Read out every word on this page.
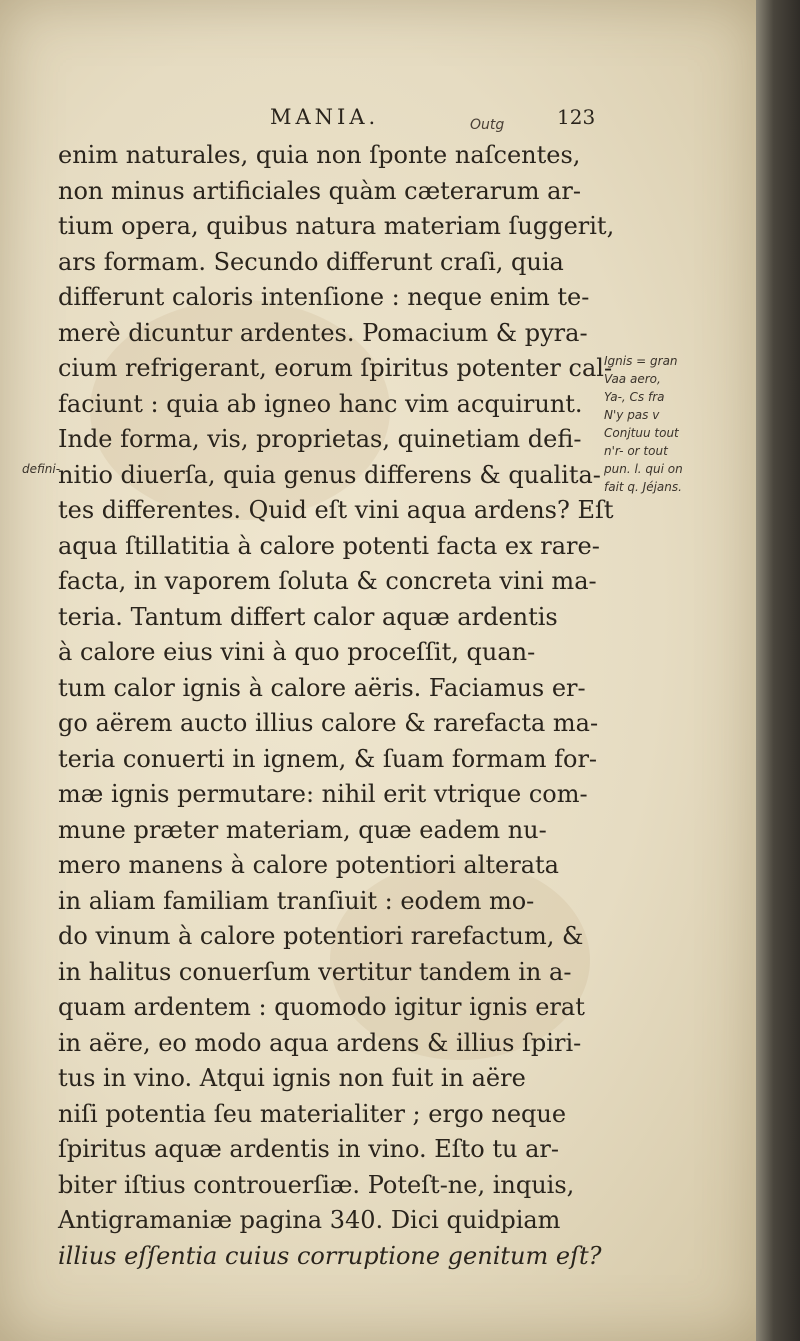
MANIA.	Outg	123
defini-
enim naturales, quia non ſponte naſcentes,
non minus artificiales quàm cæterarum ar-
tium opera, quibus natura materiam ſuggerit,
ars formam. Secundo differunt craſi, quia
differunt caloris intenſione : neque enim te-
merè dicuntur ardentes. Pomacium & pyra-
cium refrigerant, eorum ſpiritus potenter cal-
faciunt : quia ab igneo hanc vim acquirunt.
Inde forma, vis, proprietas, quinetiam defi-
nitio diuerſa, quia genus differens & qualita-
tes differentes. Quid eſt vini aqua ardens? Eſt
aqua ſtillatitia à calore potenti facta ex rare-
facta, in vaporem ſoluta & concreta vini ma-
teria. Tantum differt calor aquæ ardentis
à calore eius vini à quo proceſſit, quan-
tum calor ignis à calore aëris. Faciamus er-
go aërem aucto illius calore & rarefacta ma-
teria conuerti in ignem, & ſuam formam for-
mæ ignis permutare: nihil erit vtrique com-
mune præter materiam, quæ eadem nu-
mero manens à calore potentiori alterata
in aliam familiam tranſiuit : eodem mo-
do vinum à calore potentiori rarefactum, &
in halitus conuerſum vertitur tandem in a-
quam ardentem : quomodo igitur ignis erat
in aëre, eo modo aqua ardens & illius ſpiri-
tus in vino. Atqui ignis non fuit in aëre
niſi potentia ſeu materialiter ; ergo neque
ſpiritus aquæ ardentis in vino. Eſto tu ar-
biter iſtius controuerſiæ. Poteſt-ne, inquis,
Antigramaniæ pagina 340. Dici quidpiam
illius eſſentia cuius corruptione genitum eſt?
Ignis = gran
Vaa aero,
Ya-, Cs fra
N'y pas v
Conjtuu tout
n'r- or tout
pun. l. qui on
fait q. Jéjans.
